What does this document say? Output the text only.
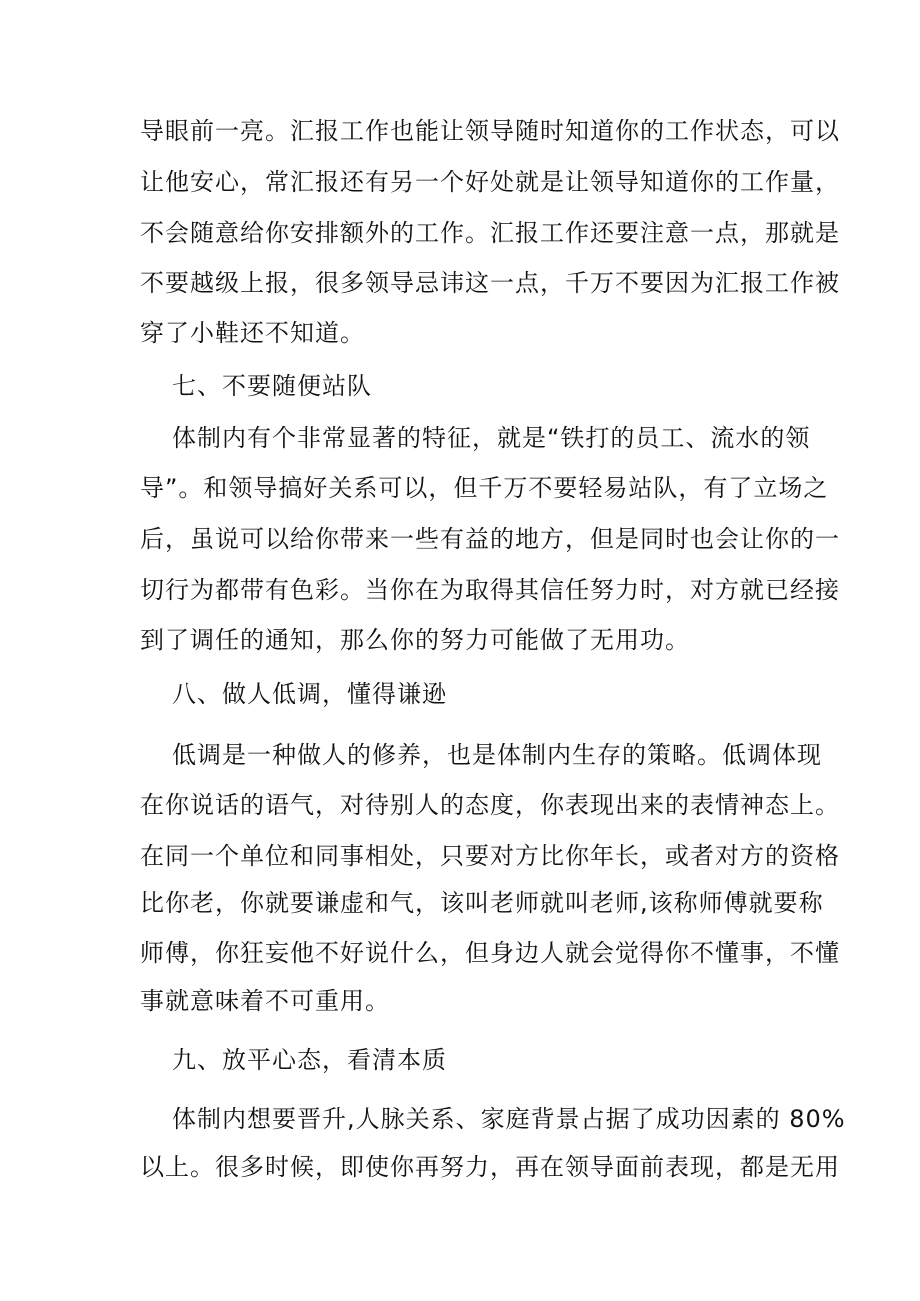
导眼前一亮。汇报工作也能让领导随时知道你的工作状态，可以
让他安心，常汇报还有另一个好处就是让领导知道你的工作量，
不会随意给你安排额外的工作。汇报工作还要注意一点，那就是
不要越级上报，很多领导忌讳这一点，千万不要因为汇报工作被
穿了小鞋还不知道。
七、不要随便站队
体制内有个非常显著的特征，就是“铁打的员工、流水的领
导”。和领导搞好关系可以，但千万不要轻易站队，有了立场之
后，虽说可以给你带来一些有益的地方，但是同时也会让你的一
切行为都带有色彩。当你在为取得其信任努力时，对方就已经接
到了调任的通知，那么你的努力可能做了无用功。
八、做人低调，懂得谦逊
低调是一种做人的修养，也是体制内生存的策略。低调体现
在你说话的语气，对待别人的态度，你表现出来的表情神态上。
在同一个单位和同事相处，只要对方比你年长，或者对方的资格
比你老，你就要谦虚和气，该叫老师就叫老师,该称师傅就要称
师傅，你狂妄他不好说什么，但身边人就会觉得你不懂事，不懂
事就意味着不可重用。
九、放平心态，看清本质
体制内想要晋升,人脉关系、家庭背景占据了成功因素的 80%
以上。很多时候，即使你再努力，再在领导面前表现，都是无用
